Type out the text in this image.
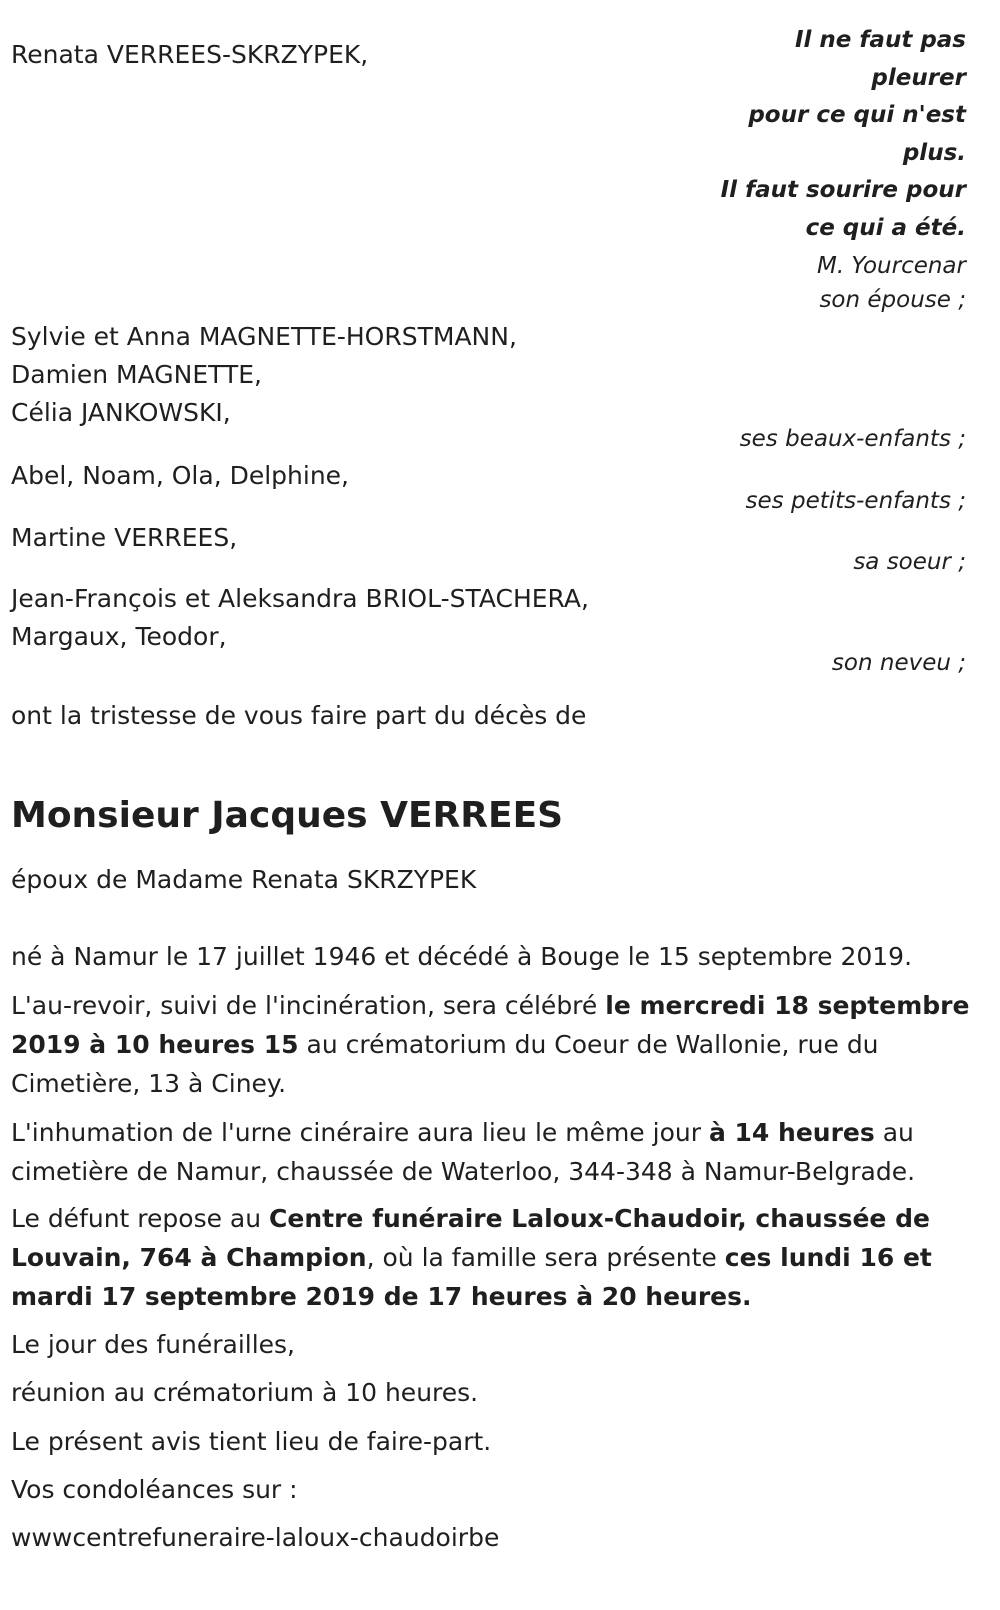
Renata VERREES-SKRZYPEK,	Il ne faut pas
pleurer
pour ce qui n'est
plus.
Il faut sourire pour
ce qui a été.
M. Yourcenar
son épouse ;
Sylvie et Anna MAGNETTE-HORSTMANN,
Damien MAGNETTE,
Célia JANKOWSKI,
ses beaux-enfants ;
Abel, Noam, Ola, Delphine,
ses petits-enfants ;
Martine VERREES,
sa soeur ;
Jean-François et Aleksandra BRIOL-STACHERA,
Margaux, Teodor,
son neveu ;
ont la tristesse de vous faire part du décès de
Monsieur Jacques VERREES
époux de Madame Renata SKRZYPEK
né à Namur le 17 juillet 1946 et décédé à Bouge le 15 septembre 2019.
L'au-revoir, suivi de l'incinération, sera célébré le mercredi 18 septembre 2019 à 10 heures 15 au crématorium du Coeur de Wallonie, rue du Cimetière, 13 à Ciney.
L'inhumation de l'urne cinéraire aura lieu le même jour à 14 heures au cimetière de Namur, chaussée de Waterloo, 344-348 à Namur-Belgrade.
Le défunt repose au Centre funéraire Laloux-Chaudoir, chaussée de Louvain, 764 à Champion, où la famille sera présente ces lundi 16 et mardi 17 septembre 2019 de 17 heures à 20 heures.
Le jour des funérailles,
réunion au crématorium à 10 heures.
Le présent avis tient lieu de faire-part.
Vos condoléances sur :
wwwcentrefuneraire-laloux-chaudoirbe
